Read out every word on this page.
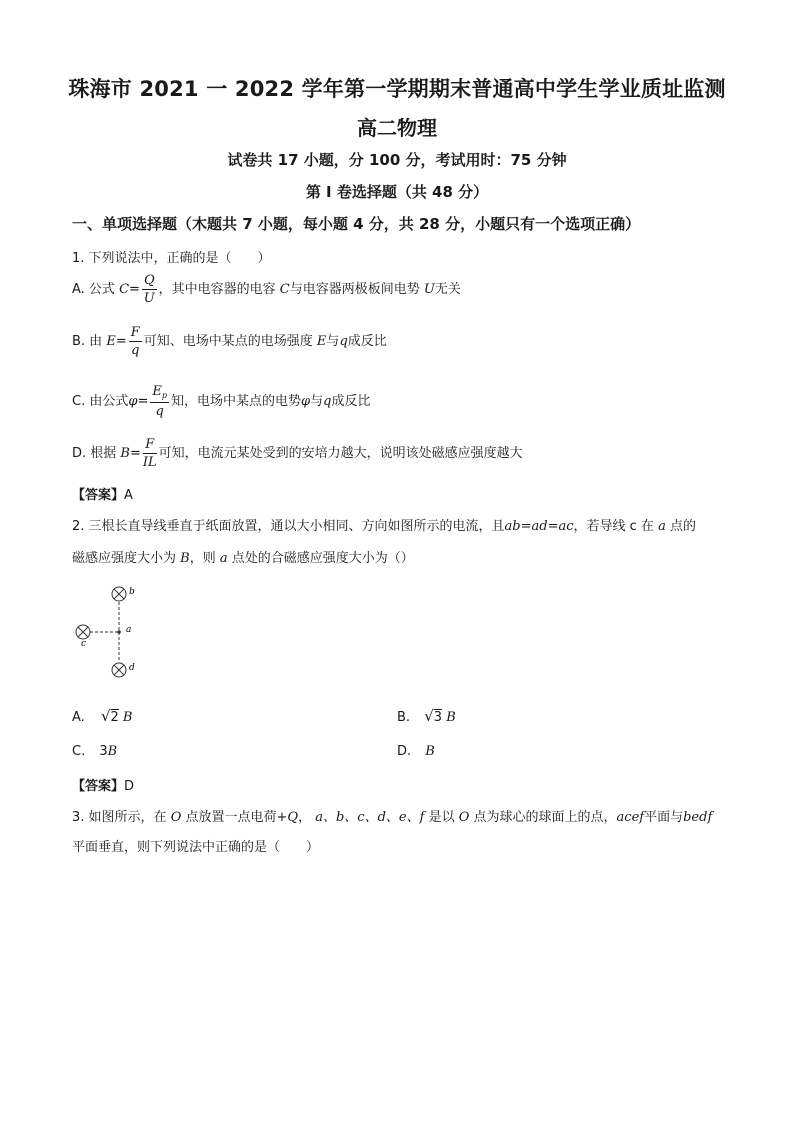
珠海市 2021 一 2022 学年第一学期期末普通高中学生学业质址监测
高二物理
试卷共 17 小题，分 100 分，考试用时：75 分钟
第 I 卷选择题（共 48 分）
一、单项选择题（木题共 7 小题，每小题 4 分，共 28 分，小题只有一个选项正确）
1. 下列说法中，正确的是（　　）
A. 公式 $C= \frac{Q}{U}$ ，其中电容器的电容 C与电容器两极板间电势 U无关
B. 由 $E= \frac{F}{q}$ 可知、电场中某点的电场强度 E与q成反比
C. 由公式$\varphi= \frac{E_p}{q}$ 知，电场中某点的电势φ与q成反比
D. 根据 $B= \frac{F}{IL}$ 可知，电流元某处受到的安培力越大，说明该处磁感应强度越大
【答案】A
2. 三根长直导线垂直于纸面放置，通以大小相同、方向如图所示的电流，且ab=ad=ac，若导线 c 在 a 点的
磁感应强度大小为 B，则 a 点处的合磁感应强度大小为（）
b
a
c
d
A. √2 B	B. √3 B
C. 3B	D. B
【答案】D
3. 如图所示，在 O 点放置一点电荷+Q， a、b、c、d、e、f 是以 O 点为球心的球面上的点，acef平面与bedf
平面垂直，则下列说法中正确的是（　　）
